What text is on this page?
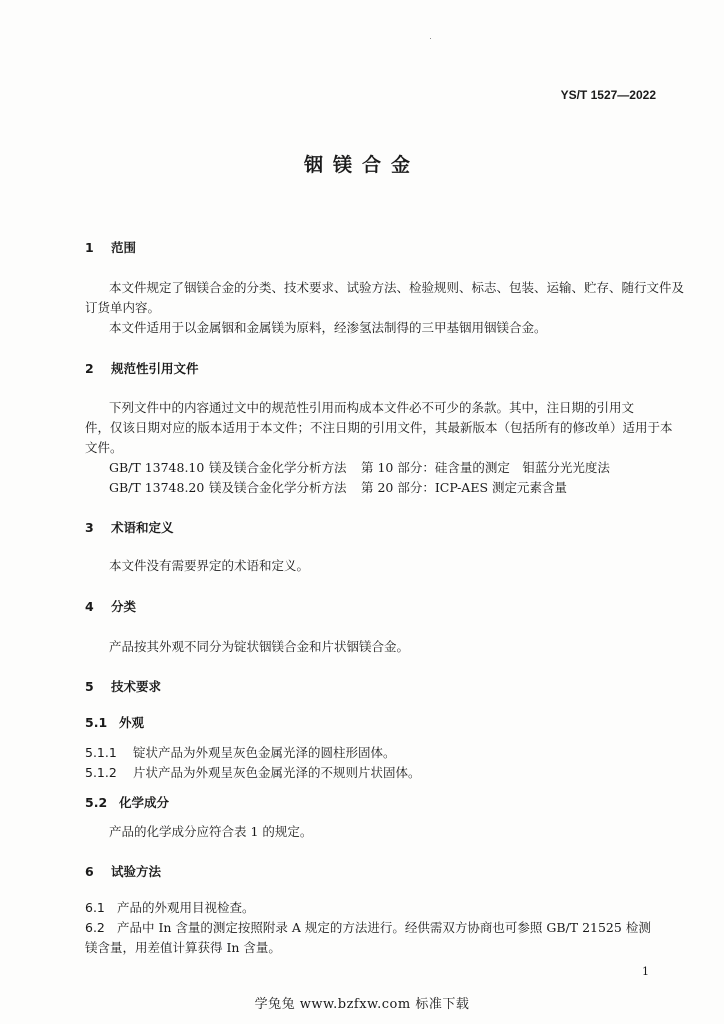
YS/T 1527—2022
铟镁合金
1 范围
本文件规定了铟镁合金的分类、技术要求、试验方法、检验规则、标志、包装、运输、贮存、随行文件及
订货单内容。
本文件适用于以金属铟和金属镁为原料，经渗氢法制得的三甲基铟用铟镁合金。
2 规范性引用文件
下列文件中的内容通过文中的规范性引用而构成本文件必不可少的条款。其中，注日期的引用文
件，仅该日期对应的版本适用于本文件；不注日期的引用文件，其最新版本（包括所有的修改单）适用于本
文件。
GB/T 13748.10 镁及镁合金化学分析方法 第 10 部分：硅含量的测定　钼蓝分光光度法
GB/T 13748.20 镁及镁合金化学分析方法 第 20 部分：ICP-AES 测定元素含量
3 术语和定义
本文件没有需要界定的术语和定义。
4 分类
产品按其外观不同分为锭状铟镁合金和片状铟镁合金。
5 技术要求
5.1 外观
5.1.1 锭状产品为外观呈灰色金属光泽的圆柱形固体。
5.1.2 片状产品为外观呈灰色金属光泽的不规则片状固体。
5.2 化学成分
产品的化学成分应符合表 1 的规定。
6 试验方法
6.1 产品的外观用目视检查。
6.2 产品中 In 含量的测定按照附录 A 规定的方法进行。经供需双方协商也可参照 GB/T 21525 检测
镁含量，用差值计算获得 In 含量。
1
学兔兔 www.bzfxw.com 标准下载
